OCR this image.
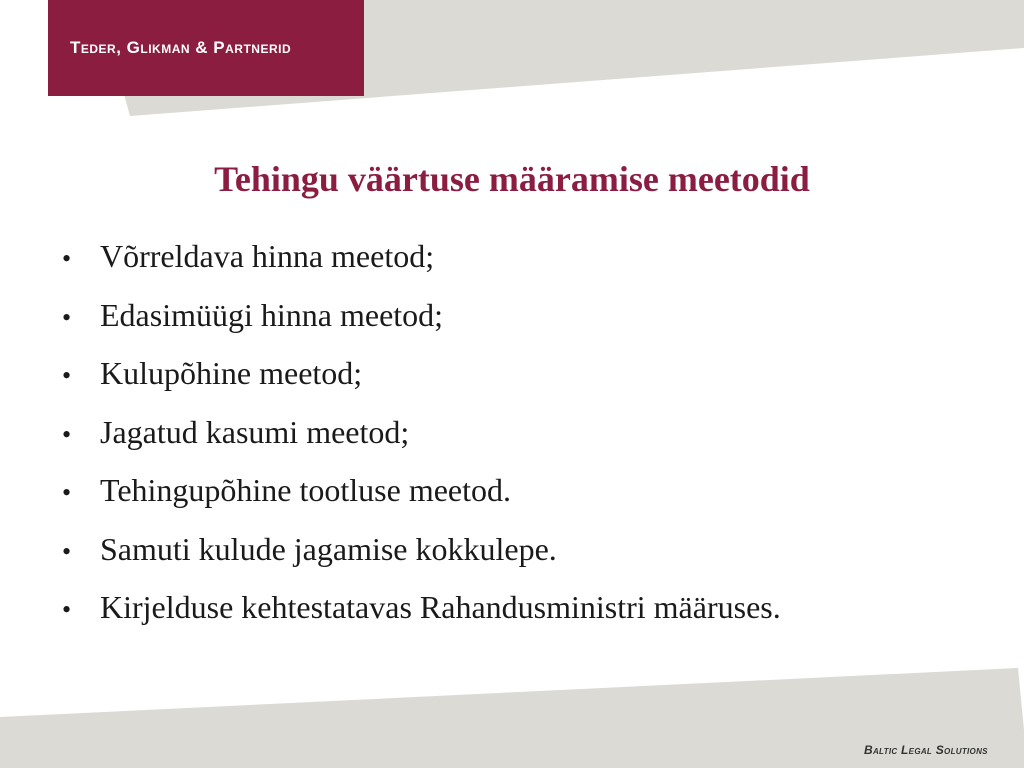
Teder, Glikman & Partnerid
Tehingu väärtuse määramise meetodid
• Võrreldava hinna meetod;
• Edasimüügi hinna meetod;
• Kulupõhine meetod;
• Jagatud kasumi meetod;
• Tehingupõhine tootluse meetod.
• Samuti kulude jagamise kokkulepe.
• Kirjelduse kehtestatavas Rahandusministri määruses.
Baltic Legal Solutions
